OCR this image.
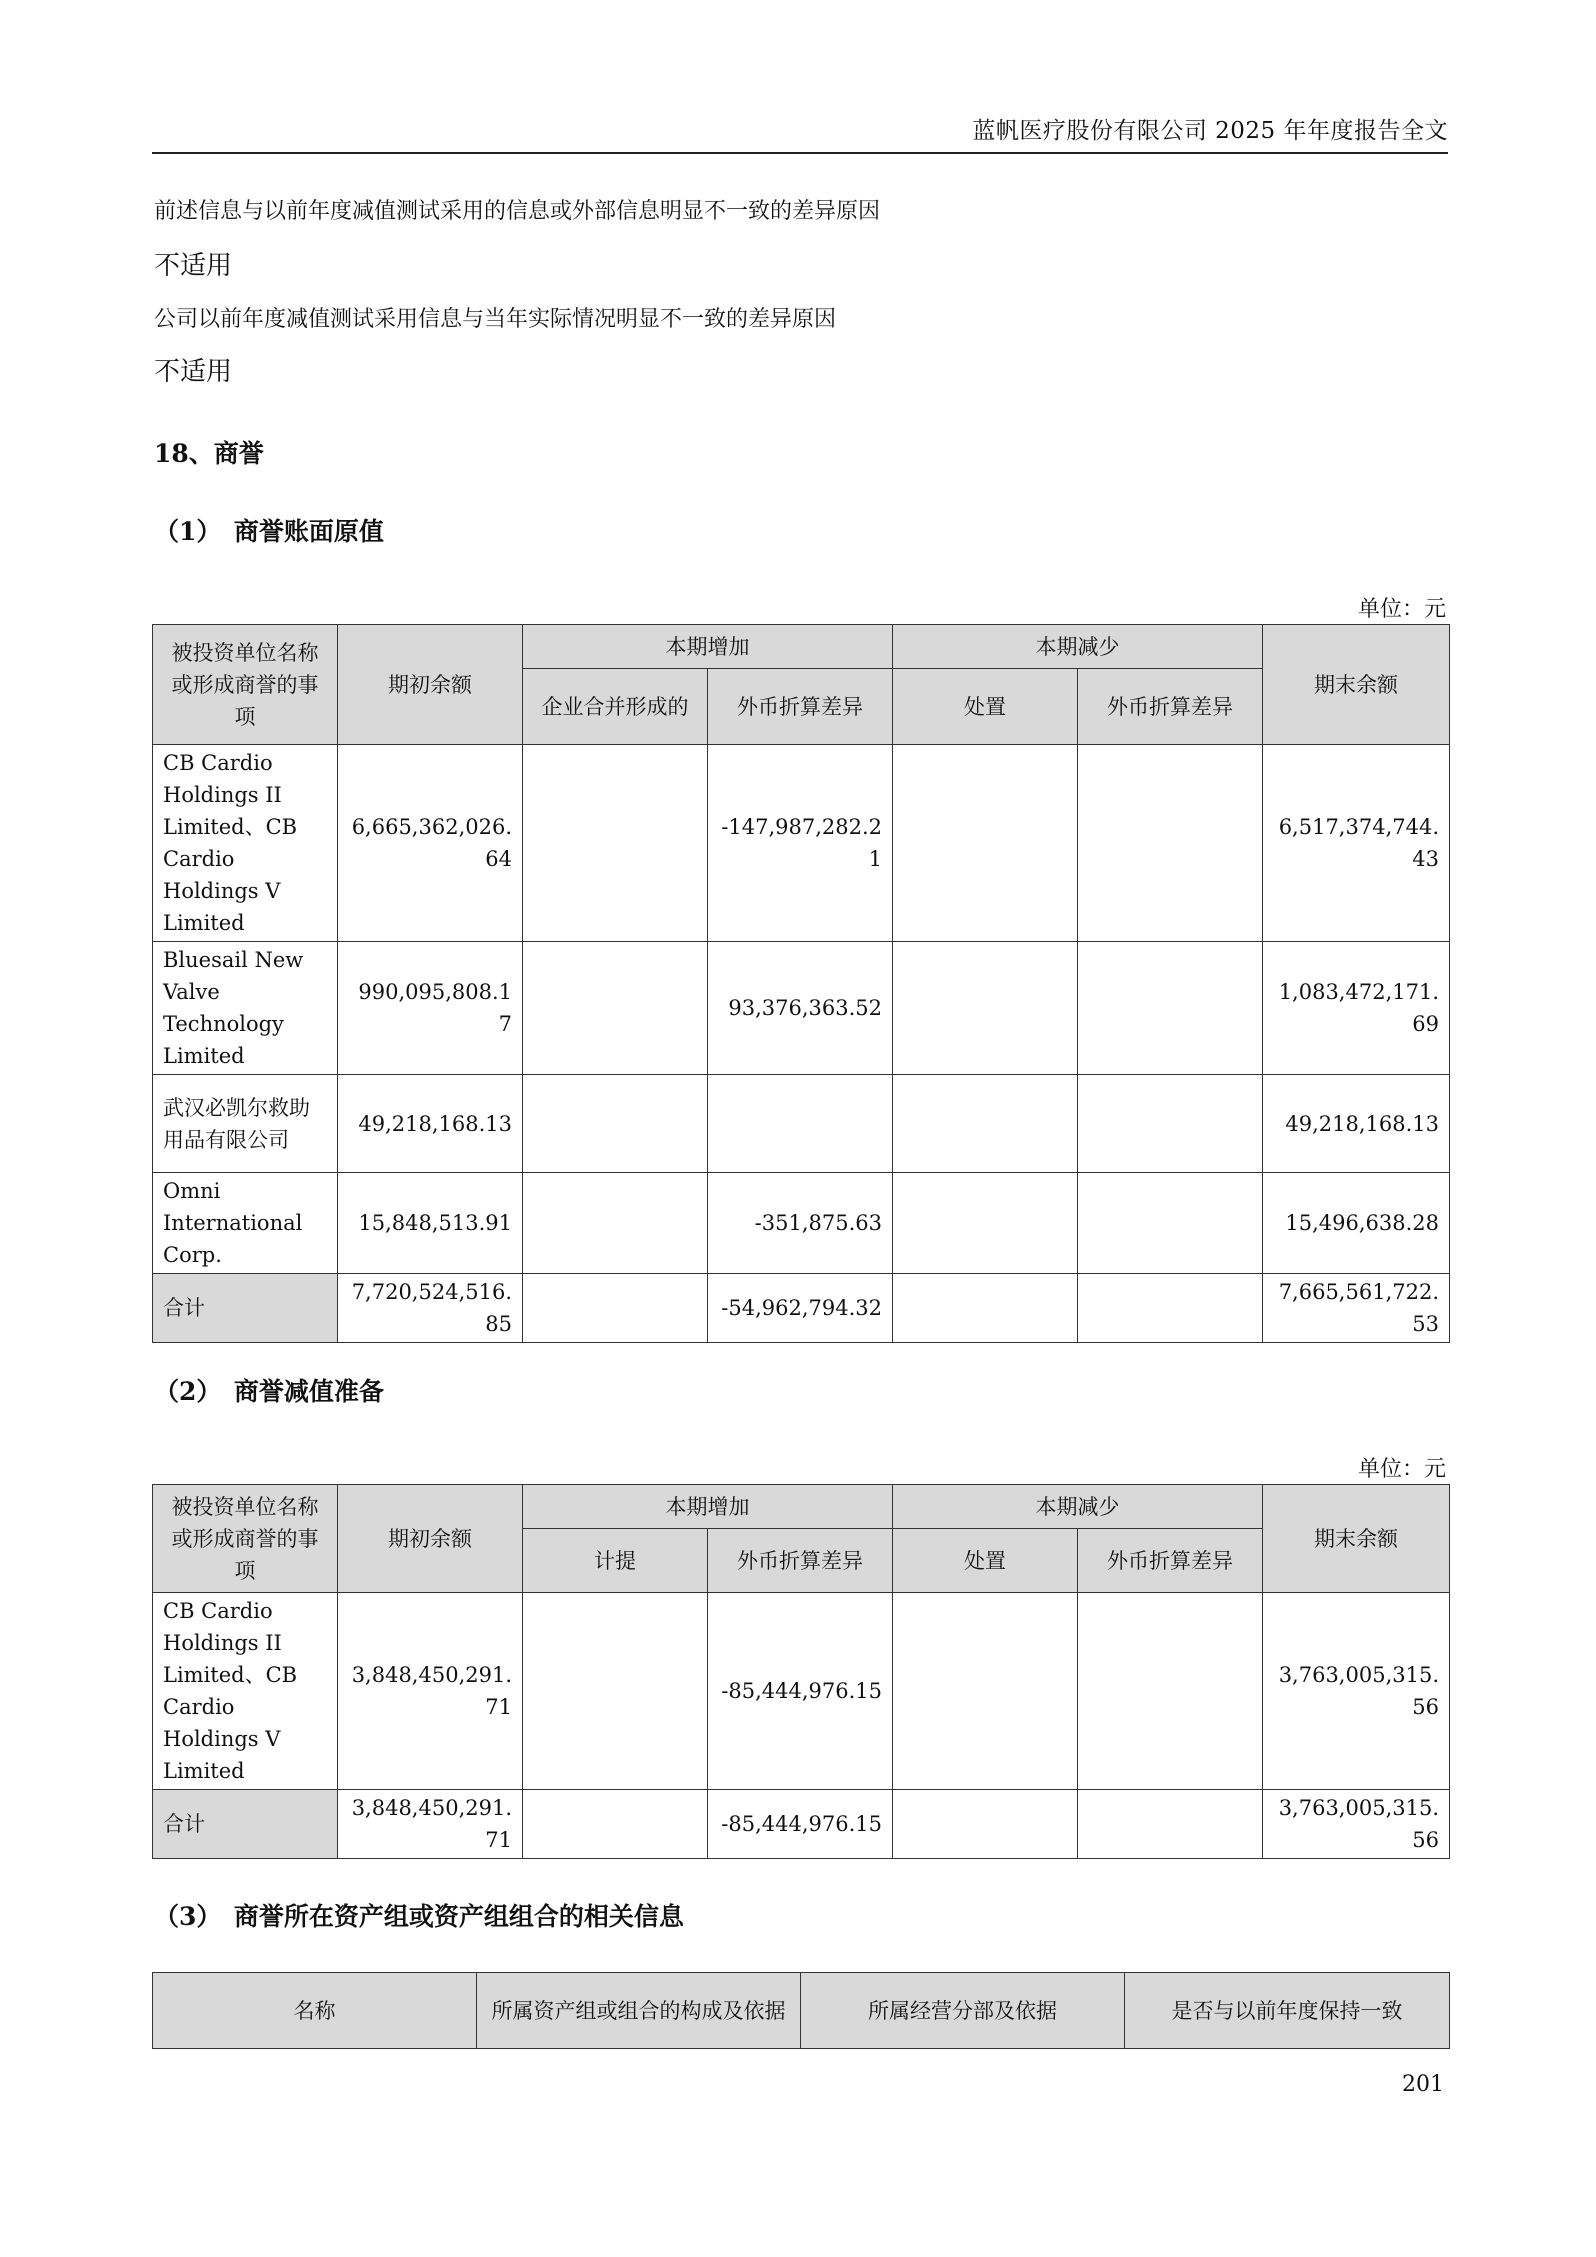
蓝帆医疗股份有限公司 2025 年年度报告全文
前述信息与以前年度减值测试采用的信息或外部信息明显不一致的差异原因
不适用
公司以前年度减值测试采用信息与当年实际情况明显不一致的差异原因
不适用
18、商誉
（1）　商誉账面原值
单位：元
被投资单位名称或形成商誉的事项	期初余额	本期增加		本期减少		期末余额
		企业合并形成的	外币折算差异	处置	外币折算差异	
CB Cardio Holdings II Limited、CB Cardio Holdings V Limited	6,665,362,026.64		-147,987,282.21			6,517,374,744.43
Bluesail New Valve Technology Limited	990,095,808.17		93,376,363.52			1,083,472,171.69
武汉必凯尔救助用品有限公司	49,218,168.13					49,218,168.13
Omni International Corp.	15,848,513.91		-351,875.63			15,496,638.28
合计	7,720,524,516.85		-54,962,794.32			7,665,561,722.53
（2）　商誉减值准备
单位：元
被投资单位名称或形成商誉的事项	期初余额	本期增加		本期减少		期末余额
		计提	外币折算差异	处置	外币折算差异	
CB Cardio Holdings II Limited、CB Cardio Holdings V Limited	3,848,450,291.71		-85,444,976.15			3,763,005,315.56
合计	3,848,450,291.71		-85,444,976.15			3,763,005,315.56
（3）　商誉所在资产组或资产组组合的相关信息
名称	所属资产组或组合的构成及依据	所属经营分部及依据	是否与以前年度保持一致
201
